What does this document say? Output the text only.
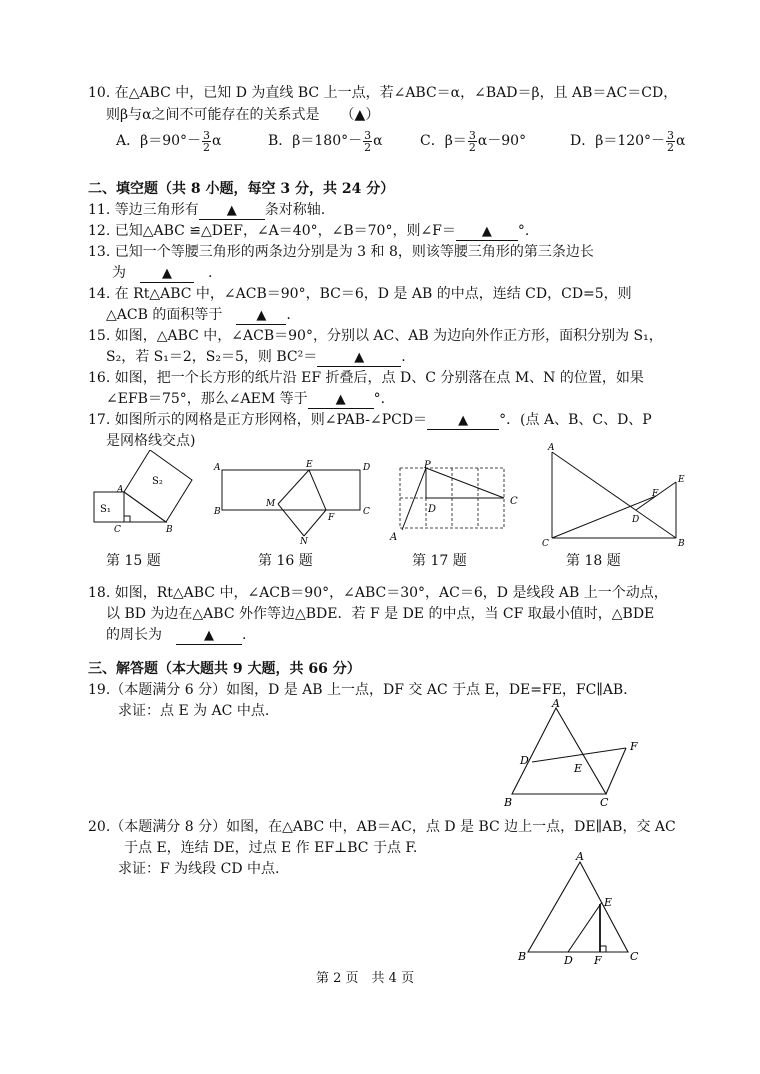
10. 在△ABC 中，已知 D 为直线 BC 上一点，若∠ABC＝α，∠BAD＝β，且 AB＝AC＝CD，
则β与α之间不可能存在的关系式是　　（▲）
A．$\beta=90^\circ- \frac{3}{2}$ α	B．$\beta=180^\circ- \frac{3}{2}$ α	C．$\beta= \frac{3}{2} \alpha-90^\circ$	D．$\beta=120^\circ- \frac{3}{2}$ α
二、填空题（共 8 小题，每空 3 分，共 24 分）
11. 等边三角形有 ▲ 条对称轴.
12. 已知△ABC ≌△DEF，∠A＝40°，∠B＝70°，则∠F＝ ▲ °.
13. 已知一个等腰三角形的两条边分别是为 3 和 8，则该等腰三角形的第三条边长
为　	▲　	.
14. 在 Rt△ABC 中，∠ACB＝90°，BC＝6，D 是 AB 的中点，连结 CD，CD=5，则
△ACB 的面积等于　	▲ .
15. 如图，△ABC 中，∠ACB＝90°，分别以 AC、AB 为边向外作正方形，面积分别为 S₁，
S₂，若 S₁＝2，S₂＝5，则 BC²＝	▲	.
16. 如图，把一个长方形的纸片沿 EF 折叠后，点 D、C 分别落在点 M、N 的位置，如果
∠EFB＝75°，那么∠AEM 等于 ▲ °.
17. 如图所示的网格是正方形网格，则∠PAB-∠PCD＝ ▲ °．(点 A、B、C、D、P
是网格线交点)
A
B
C
S₁
S₂
第 15 题
A
B	C
D
E
F
M
N
第 16 题
A
C
D
P
第 17 题
A
B
C
D
E
F
第 18 题
18. 如图，Rt△ABC 中，∠ACB＝90°，∠ABC＝30°，AC＝6，D 是线段 AB 上一个动点，
以 BD 为边在△ABC 外作等边△BDE．若 F 是 DE 的中点，当 CF 取最小值时，△BDE
的周长为　	▲ .
三、解答题（本大题共 9 大题，共 66 分）
19.（本题满分 6 分）如图，D 是 AB 上一点，DF 交 AC 于点 E，DE=FE，FC∥AB．
求证：点 E 为 AC 中点.	A
B	C
D
E
F
20.（本题满分 8 分）如图，在△ABC 中，AB＝AC，点 D 是 BC 边上一点，DE∥AB，交 AC
于点 E，连结 DE，过点 E 作 EF⊥BC 于点 F.
求证：F 为线段 CD 中点.
A
B	C
D
E
F
第 2 页　共 4 页
